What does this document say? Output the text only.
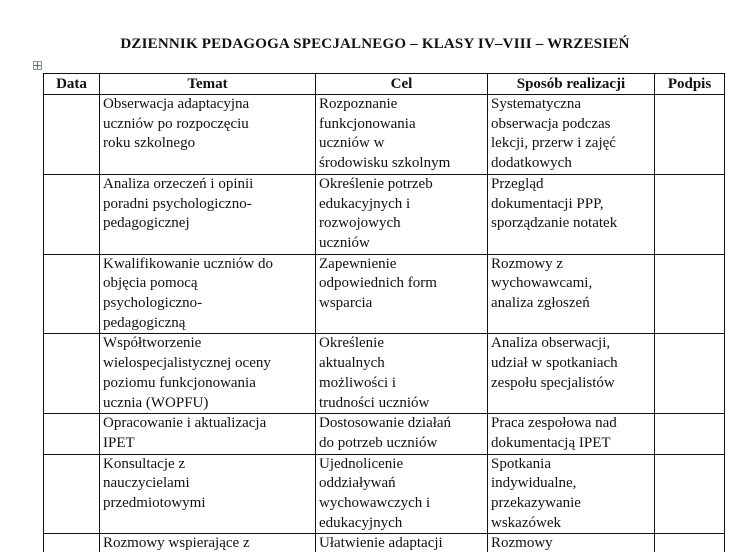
DZIENNIK PEDAGOGA SPECJALNEGO – KLASY IV–VIII – WRZESIEŃ
Data	Temat	Cel	Sposób realizacji	Podpis

	Obserwacja adaptacyjna
uczniów po rozpoczęciu
roku szkolnego	Rozpoznanie
funkcjonowania
uczniów w
środowisku szkolnym	Systematyczna
obserwacja podczas
lekcji, przerw i zajęć
dodatkowych	

	Analiza orzeczeń i opinii
poradni psychologiczno-
pedagogicznej	Określenie potrzeb
edukacyjnych i
rozwojowych
uczniów	Przegląd
dokumentacji PPP,
sporządzanie notatek	

	Kwalifikowanie uczniów do
objęcia pomocą
psychologiczno-
pedagogiczną	Zapewnienie
odpowiednich form
wsparcia	Rozmowy z
wychowawcami,
analiza zgłoszeń	

	Współtworzenie
wielospecjalistycznej oceny
poziomu funkcjonowania
ucznia (WOPFU)	Określenie
aktualnych
możliwości i
trudności uczniów	Analiza obserwacji,
udział w spotkaniach
zespołu specjalistów	

	Opracowanie i aktualizacja
IPET	Dostosowanie działań
do potrzeb uczniów	Praca zespołowa nad
dokumentacją IPET	

	Konsultacje z
nauczycielami
przedmiotowymi	Ujednolicenie
oddziaływań
wychowawczych i
edukacyjnych	Spotkania
indywidualne,
przekazywanie
wskazówek	

	Rozmowy wspierające z	Ułatwienie adaptacji	Rozmowy	
